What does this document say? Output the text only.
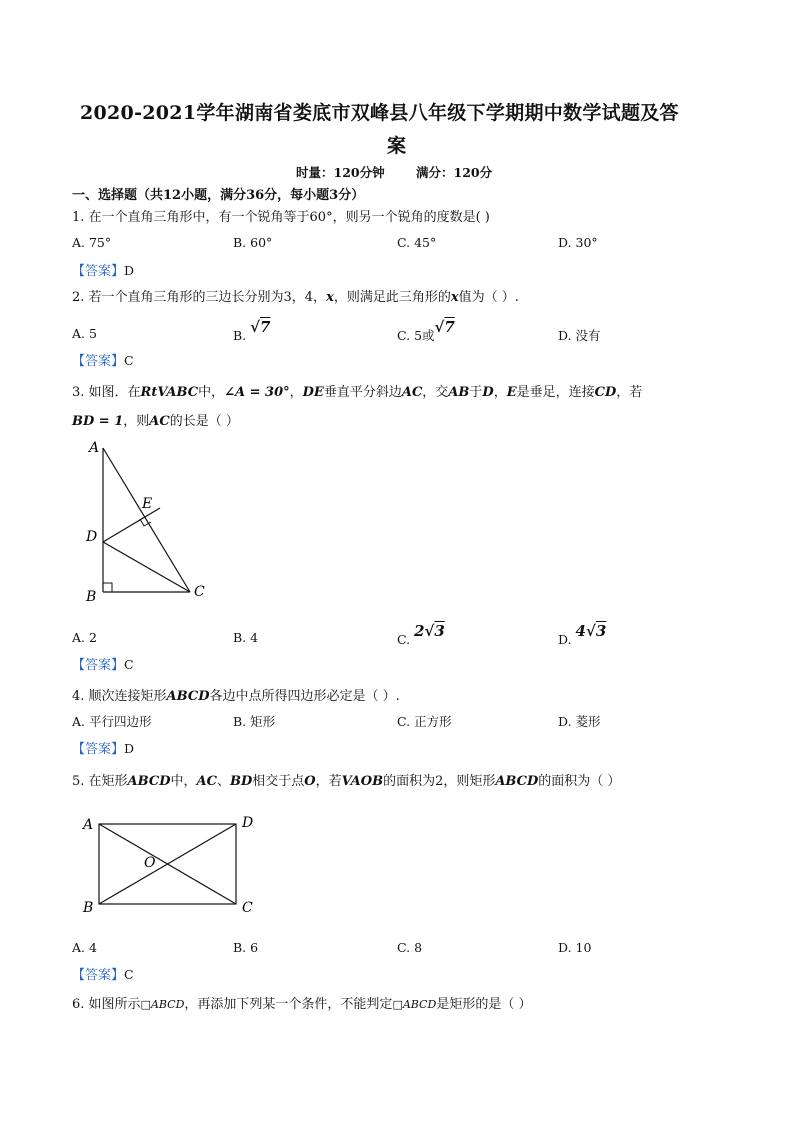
2020-2021学年湖南省娄底市双峰县八年级下学期期中数学试题及答
案
时量：120分钟	满分：120分
一、选择题（共12小题，满分36分，每小题3分）
1. 在一个直角三角形中，有一个锐角等于60°，则另一个锐角的度数是( )
A. 75°	B. 60°	C. 45°	D. 30°
【答案】D
2. 若一个直角三角形的三边长分别为3，4，x，则满足此三角形的x值为（ ）.
A. 5	B. √7	C. 5或√7	D. 没有
【答案】C
3. 如图．在RtVABC中，∠A = 30°，DE垂直平分斜边AC，交AB于D，E是垂足，连接CD，若
BD = 1，则AC的长是（ ）
A
B	C
D
E
A. 2	B. 4	C. 2√3	D. 4√3
【答案】C
4. 顺次连接矩形ABCD各边中点所得四边形必定是（ ）.
A. 平行四边形	B. 矩形	C. 正方形	D. 菱形
【答案】D
5. 在矩形ABCD中，AC、BD相交于点O，若VAOB的面积为2，则矩形ABCD的面积为（ ）
A
B	C
D
O
A. 4	B. 6	C. 8	D. 10
【答案】C
6. 如图所示□ABCD，再添加下列某一个条件，不能判定□ABCD是矩形的是（ ）
